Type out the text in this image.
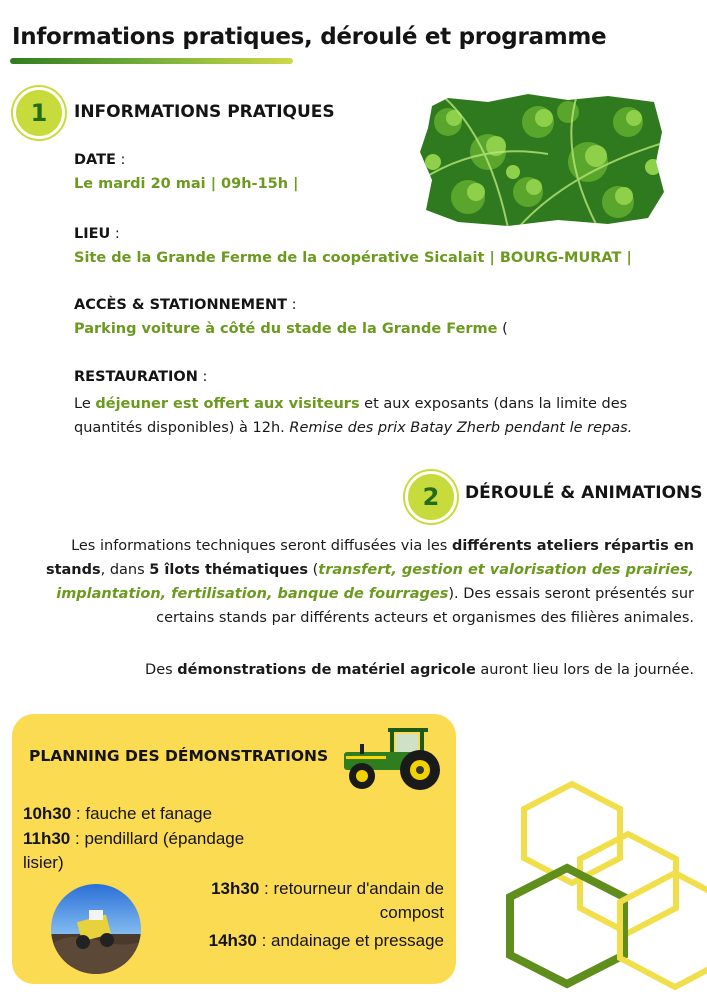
Informations pratiques, déroulé et programme
1	INFORMATIONS PRATIQUES
DATE :
Le mardi 20 mai | 09h-15h |
LIEU :
Site de la Grande Ferme de la coopérative Sicalait | BOURG-MURAT |
ACCÈS & STATIONNEMENT :
Parking voiture à côté du stade de la Grande Ferme (
RESTAURATION :
Le déjeuner est offert aux visiteurs et aux exposants (dans la limite des quantités disponibles) à 12h. Remise des prix Batay Zherb pendant le repas.
2	DÉROULÉ & ANIMATIONS
Les informations techniques seront diffusées via les différents ateliers répartis en stands, dans 5 îlots thématiques (transfert, gestion et valorisation des prairies, implantation, fertilisation, banque de fourrages). Des essais seront présentés sur certains stands par différents acteurs et organismes des filières animales.
Des démonstrations de matériel agricole auront lieu lors de la journée.
PLANNING DES DÉMONSTRATIONS
10h30 : fauche et fanage
11h30 : pendillard (épandage lisier)
13h30 : retourneur d'andain de compost
14h30 : andainage et pressage
